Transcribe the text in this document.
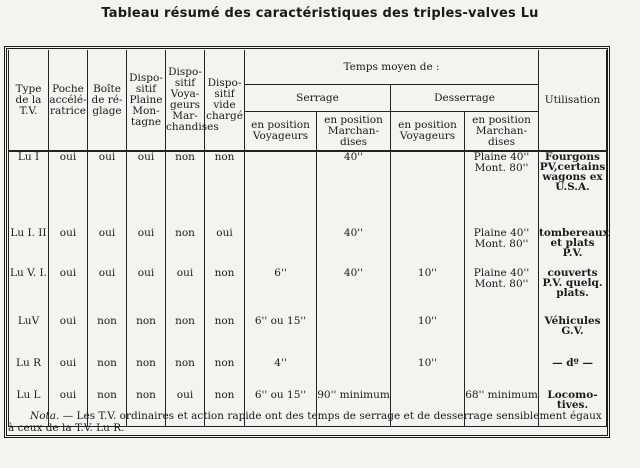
Tableau résumé des caractéristiques des triples-valves Lu
Type de la T.V.	Poche accélé-ratrice	Boîte de ré-glage	Dispo-sitif Plaine Mon-tagne	Dispo-sitif Voya-geurs Mar-chandises	Dispo-sitif vide chargé	Temps moyen de :				Utilisation
						Serrage		Desserrage		
						en position Voyageurs	en position Marchan-dises	en position Voyageurs	en position Marchan-dises	
Lu I	oui	oui	oui	non	non		40''		Plaine 40'' Mont. 80''	Fourgons PV,certains wagons ex U.S.A.
Lu I. II	oui	oui	oui	non	oui		40''		Plaine 40'' Mont. 80''	tombereaux et plats P.V.
Lu V. I.	oui	oui	oui	oui	non	6''	40''	10''	Plaine 40'' Mont. 80''	couverts P.V. quelq. plats.
LuV	oui	non	non	non	non	6'' ou 15''		10''		Véhicules G.V.
Lu R	oui	non	non	non	non	4''		10''		— dº —
Lu L	oui	non	non	oui	non	6'' ou 15''	90'' minimum		68'' minimum	Locomo-tives.
Nota. — Les T.V. ordinaires et action rapide ont des temps de serrage et de desserrage sensiblement égaux à ceux de la T.V. Lu R.
